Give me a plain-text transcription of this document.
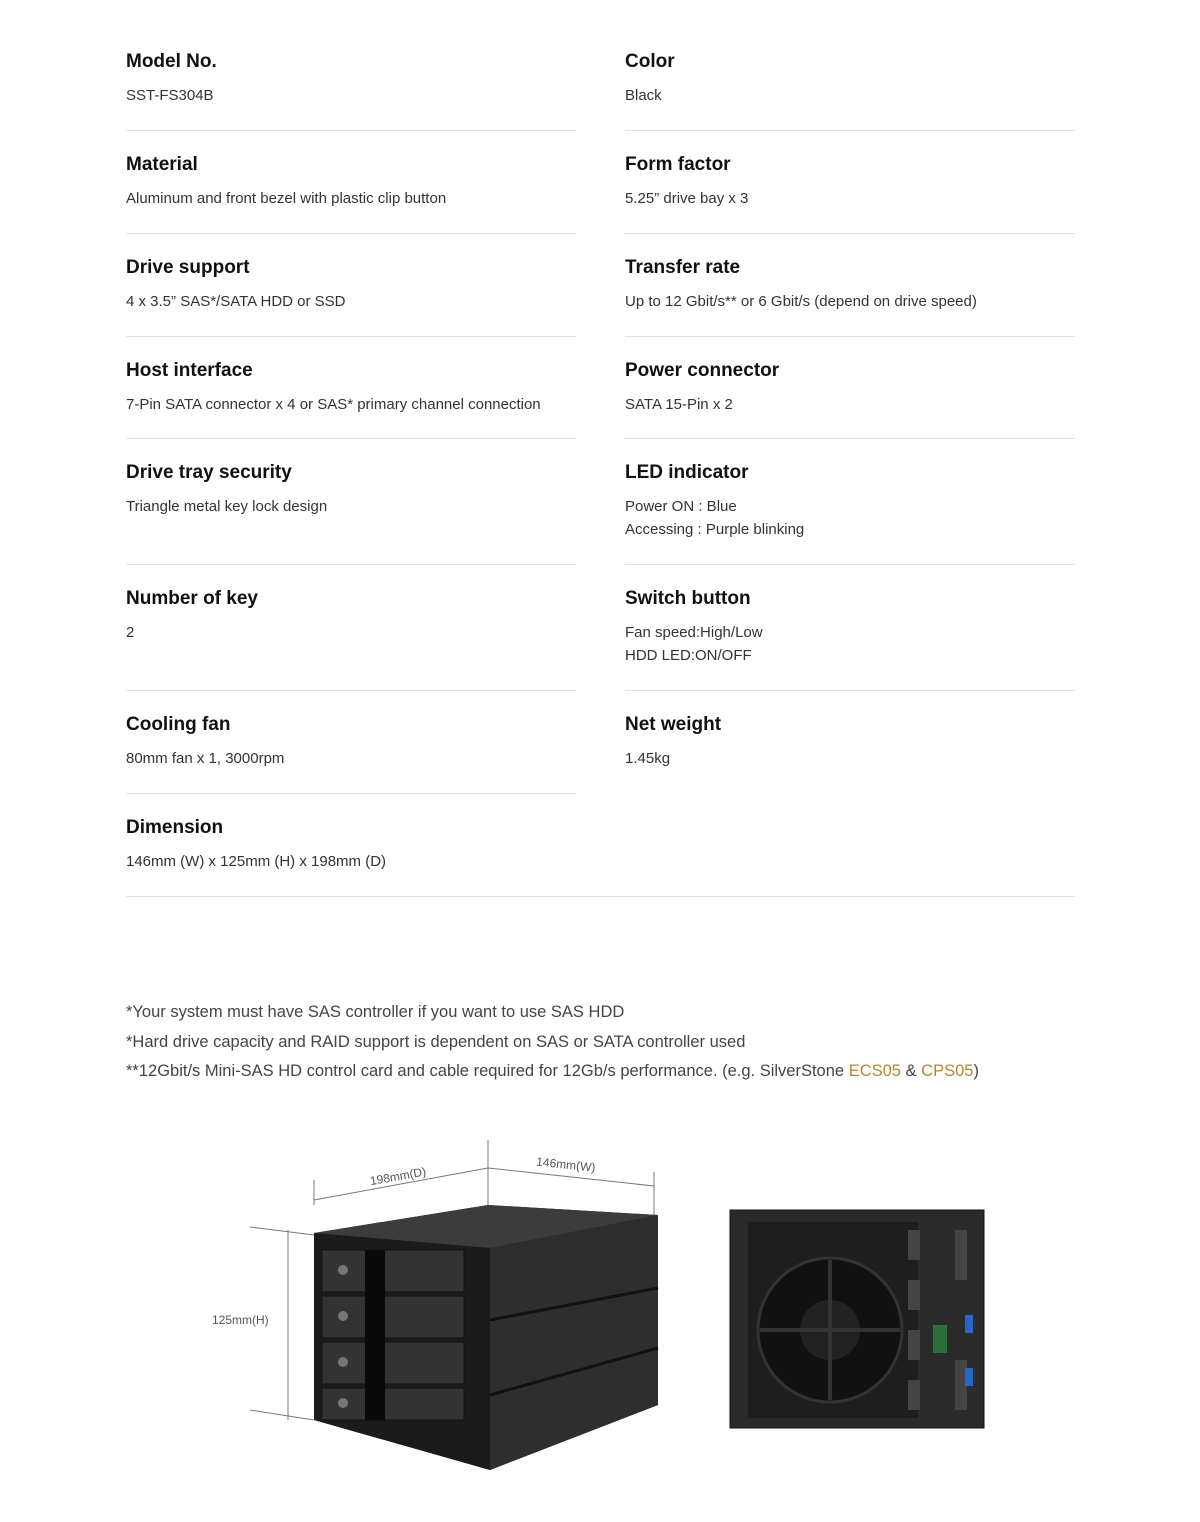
Model No.
SST-FS304B
Color
Black
Material
Aluminum and front bezel with plastic clip button
Form factor
5.25” drive bay x 3
Drive support
4 x 3.5” SAS*/SATA HDD or SSD
Transfer rate
Up to 12 Gbit/s** or 6 Gbit/s (depend on drive speed)
Host interface
7-Pin SATA connector x 4 or SAS* primary channel connection
Power connector
SATA 15-Pin x 2
Drive tray security
Triangle metal key lock design
LED indicator
Power ON : Blue
Accessing : Purple blinking
Number of key
2
Switch button
Fan speed:High/Low
HDD LED:ON/OFF
Cooling fan
80mm fan x 1, 3000rpm
Net weight
1.45kg
Dimension
146mm (W) x 125mm (H) x 198mm (D)
*Your system must have SAS controller if you want to use SAS HDD
*Hard drive capacity and RAID support is dependent on SAS or SATA controller used
**12Gbit/s Mini-SAS HD control card and cable required for 12Gb/s performance. (e.g. SilverStone ECS05 & CPS05)
198mm(D)	146mm(W)
125mm(H)
